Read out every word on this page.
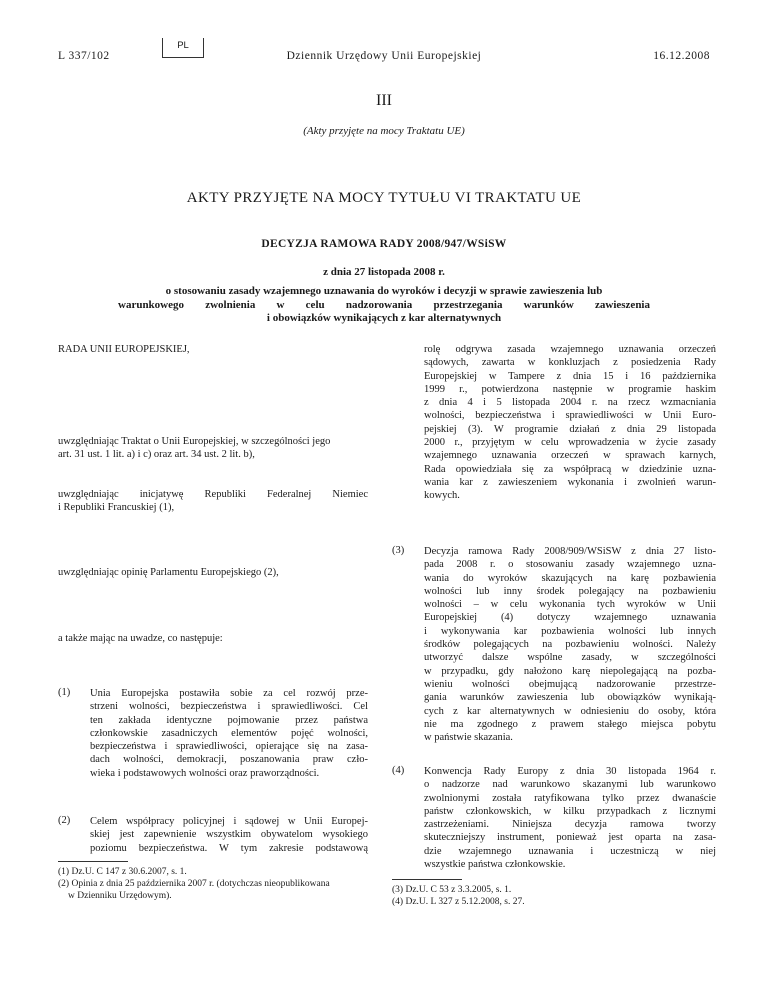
L 337/102
PL
Dziennik Urzędowy Unii Europejskiej	16.12.2008
III
(Akty przyjęte na mocy Traktatu UE)
AKTY PRZYJĘTE NA MOCY TYTUŁU VI TRAKTATU UE
DECYZJA RAMOWA RADY 2008/947/WSiSW
z dnia 27 listopada 2008 r.
o stosowaniu zasady wzajemnego uznawania do wyroków i decyzji w sprawie zawieszenia lub
warunkowego zwolnienia w celu nadzorowania przestrzegania warunków zawieszenia
i obowiązków wynikających z kar alternatywnych
RADA UNII EUROPEJSKIEJ,
uwzględniając Traktat o Unii Europejskiej, w szczególności jego
art. 31 ust. 1 lit. a) i c) oraz art. 34 ust. 2 lit. b),
uwzględniając inicjatywę Republiki Federalnej Niemiec
i Republiki Francuskiej (1),
uwzględniając opinię Parlamentu Europejskiego (2),
a także mając na uwadze, co następuje:
(1) Unia Europejska postawiła sobie za cel rozwój prze-
strzeni wolności, bezpieczeństwa i sprawiedliwości. Cel
ten zakłada identyczne pojmowanie przez państwa
członkowskie zasadniczych elementów pojęć wolności,
bezpieczeństwa i sprawiedliwości, opierające się na zasa-
dach wolności, demokracji, poszanowania praw czło-
wieka i podstawowych wolności oraz praworządności.
(2) Celem współpracy policyjnej i sądowej w Unii Europej-
skiej jest zapewnienie wszystkim obywatelom wysokiego
poziomu bezpieczeństwa. W tym zakresie podstawową
(1) Dz.U. C 147 z 30.6.2007, s. 1.
(2) Opinia z dnia 25 października 2007 r. (dotychczas nieopublikowana
w Dzienniku Urzędowym).
rolę odgrywa zasada wzajemnego uznawania orzeczeń
sądowych, zawarta w konkluzjach z posiedzenia Rady
Europejskiej w Tampere z dnia 15 i 16 października
1999 r., potwierdzona następnie w programie haskim
z dnia 4 i 5 listopada 2004 r. na rzecz wzmacniania
wolności, bezpieczeństwa i sprawiedliwości w Unii Euro-
pejskiej (3). W programie działań z dnia 29 listopada
2000 r., przyjętym w celu wprowadzenia w życie zasady
wzajemnego uznawania orzeczeń w sprawach karnych,
Rada opowiedziała się za współpracą w dziedzinie uzna-
wania kar z zawieszeniem wykonania i zwolnień warun-
kowych.
(3) Decyzja ramowa Rady 2008/909/WSiSW z dnia 27 listo-
pada 2008 r. o stosowaniu zasady wzajemnego uzna-
wania do wyroków skazujących na karę pozbawienia
wolności lub inny środek polegający na pozbawieniu
wolności – w celu wykonania tych wyroków w Unii
Europejskiej (4) dotyczy wzajemnego uznawania
i wykonywania kar pozbawienia wolności lub innych
środków polegających na pozbawieniu wolności. Należy
utworzyć dalsze wspólne zasady, w szczególności
w przypadku, gdy nałożono karę niepolegającą na pozba-
wieniu wolności obejmującą nadzorowanie przestrze-
gania warunków zawieszenia lub obowiązków wynikają-
cych z kar alternatywnych w odniesieniu do osoby, która
nie ma zgodnego z prawem stałego miejsca pobytu
w państwie skazania.
(4) Konwencja Rady Europy z dnia 30 listopada 1964 r.
o nadzorze nad warunkowo skazanymi lub warunkowo
zwolnionymi została ratyfikowana tylko przez dwanaście
państw członkowskich, w kilku przypadkach z licznymi
zastrzeżeniami. Niniejsza decyzja ramowa tworzy
skuteczniejszy instrument, ponieważ jest oparta na zasa-
dzie wzajemnego uznawania i uczestniczą w niej
wszystkie państwa członkowskie.
(3) Dz.U. C 53 z 3.3.2005, s. 1.
(4) Dz.U. L 327 z 5.12.2008, s. 27.
